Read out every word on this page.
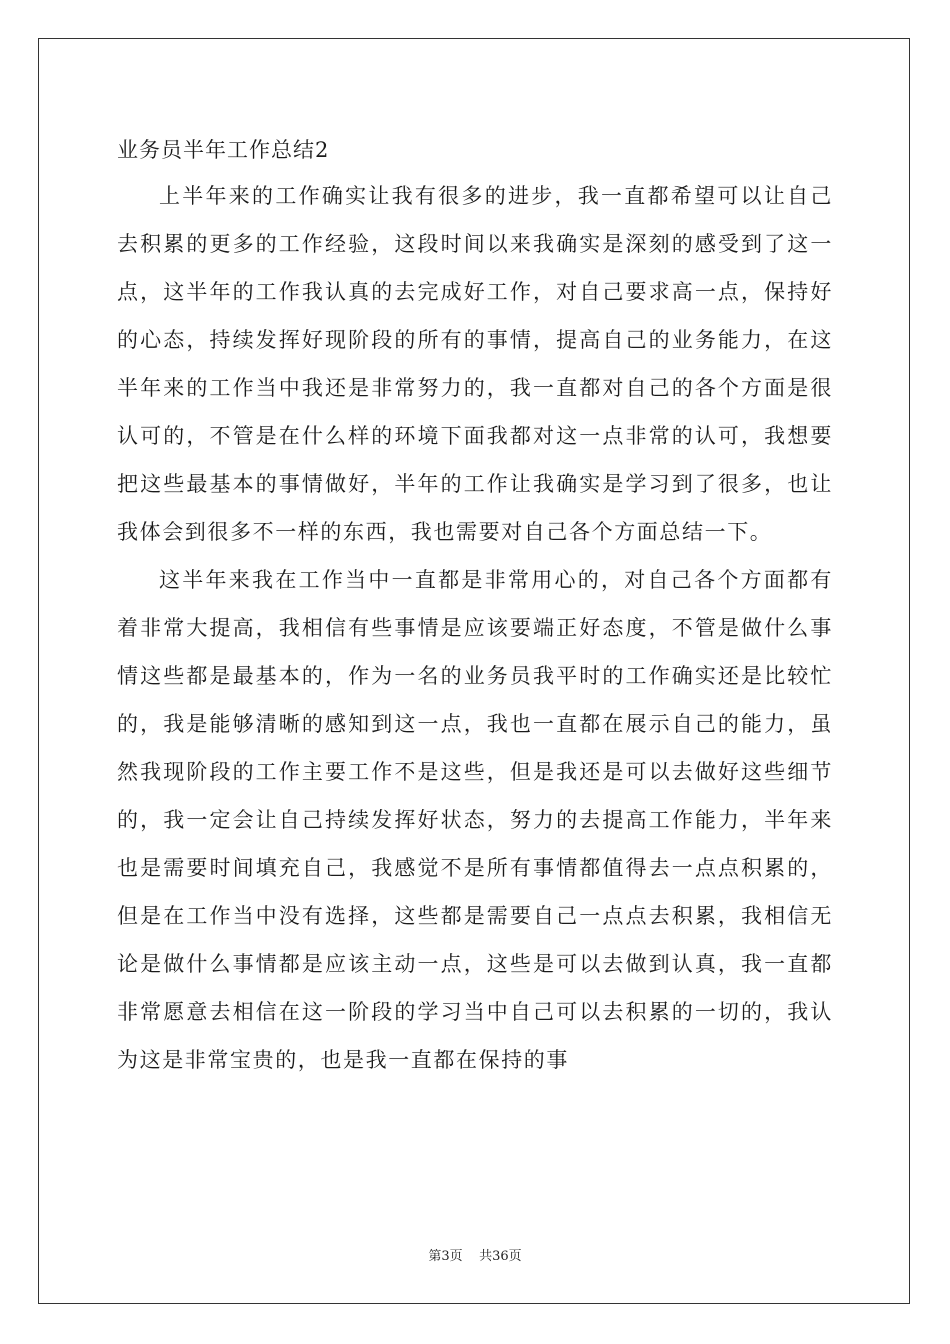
业务员半年工作总结2

上半年来的工作确实让我有很多的进步，我一直都希望可以让自己去积累的更多的工作经验，这段时间以来我确实是深刻的感受到了这一点，这半年的工作我认真的去完成好工作，对自己要求高一点，保持好的心态，持续发挥好现阶段的所有的事情，提高自己的业务能力，在这半年来的工作当中我还是非常努力的，我一直都对自己的各个方面是很认可的，不管是在什么样的环境下面我都对这一点非常的认可，我想要把这些最基本的事情做好，半年的工作让我确实是学习到了很多，也让我体会到很多不一样的东西，我也需要对自己各个方面总结一下。

这半年来我在工作当中一直都是非常用心的，对自己各个方面都有着非常大提高，我相信有些事情是应该要端正好态度，不管是做什么事情这些都是最基本的，作为一名的业务员我平时的工作确实还是比较忙的，我是能够清晰的感知到这一点，我也一直都在展示自己的能力，虽然我现阶段的工作主要工作不是这些，但是我还是可以去做好这些细节的，我一定会让自己持续发挥好状态，努力的去提高工作能力，半年来也是需要时间填充自己，我感觉不是所有事情都值得去一点点积累的，但是在工作当中没有选择，这些都是需要自己一点点去积累，我相信无论是做什么事情都是应该主动一点，这些是可以去做到认真，我一直都非常愿意去相信在这一阶段的学习当中自己可以去积累的一切的，我认为这是非常宝贵的，也是我一直都在保持的事

第3页 共36页
